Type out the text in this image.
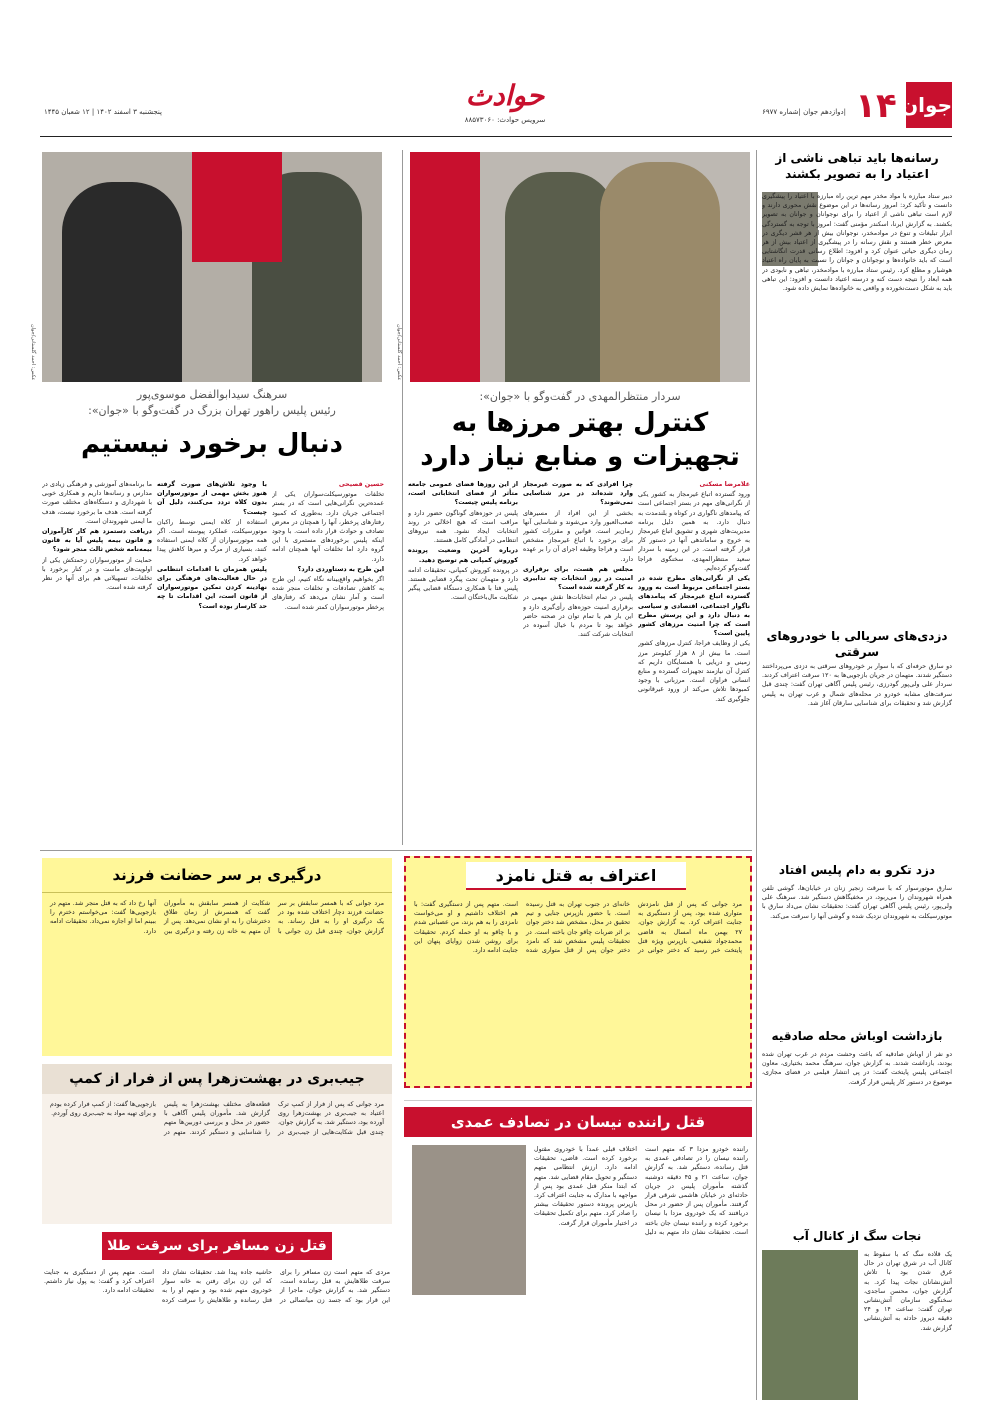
جوان
۱۴
|دوازدهم جوان |شماره ۶۹۷۷
حوادث
سرویس حوادث: ۸۸۵۷۳۰۶۰
پنجشنبه ۳ اسفند ۱۴۰۲ | ۱۲ شعبان ۱۴۴۵
رسانه‌ها باید تباهی ناشی از اعتیاد را به تصویر بکشند
دبیر ستاد مبارزه با مواد مخدر مهم ترین راه مبارزه با اعتیاد را پیشگیری دانست و تأکید کرد: امروز رسانه‌ها در این موضوع نقش محوری دارند و لازم است تباهی ناشی از اعتیاد را برای نوجوانان و جوانان به تصویر بکشند. به گزارش ایرنا، اسکندر مؤمنی گفت: امروز با توجه به گستردگی ابزار تبلیغات و تنوع در موادمخدر، نوجوانان بیش از هر قشر دیگری در معرض خطر هستند و نقش رسانه را در پیشگیری از اعتیاد بیش از هر زمان دیگری حیاتی عنوان کرد و افزود: اطلاع رسانی قدرت انگاشتایی است که باید خانواده‌ها و نوجوانان و جوانان را نسبت به پایان راه اعتیاد هوشیار و مطلع کرد. رئیس ستاد مبارزه با موادمخدر، تباهی و نابودی در همه ابعاد را نتیجه دست کنه و درسته اعتیاد دانست و افزود: این تباهی باید به شکل دست‌نخورده و واقعی به خانواده‌ها نمایش داده شود.
دزدی‌های سریالی با خودروهای سرقتی
دو سارق حرفه‌ای که با سوار بر خودروهای سرقتی به دزدی می‌پرداختند دستگیر شدند. متهمان در جریان بازجویی‌ها به ۱۲۰ سرقت اعتراف کردند. سردار علی ولی‌پور گودرزی، رئیس پلیس آگاهی تهران گفت: چندی قبل سرقت‌های مشابه خودرو در محله‌های شمال و غرب تهران به پلیس گزارش شد و تحقیقات برای شناسایی سارقان آغاز شد.
دزد تکرو به دام پلیس افتاد
سارق موتورسوار که با سرقت زنجیر زنان در خیابان‌ها، گوشی تلفن همراه شهروندان را می‌ربود، در مخفیگاهش دستگیر شد. سرهنگ علی ولی‌پور، رئیس پلیس آگاهی تهران گفت: تحقیقات نشان می‌داد سارق با موتورسیکلت به شهروندان نزدیک شده و گوشی آنها را سرقت می‌کند.
بازداشت اوباش محله صادقیه
دو نفر از اوباش صادقیه که باعث وحشت مردم در غرب تهران شده بودند، بازداشت شدند. به گزارش جوان، سرهنگ محمد بختیاری، معاون اجتماعی پلیس پایتخت گفت: در پی انتشار فیلمی در فضای مجازی، موضوع در دستور کار پلیس قرار گرفت.
نجات سگ از کانال آب
یک قلاده سگ که با سقوط به کانال آب در شرق تهران در حال غرق شدن بود با تلاش آتش‌نشانان نجات پیدا کرد. به گزارش جوان، محسن ساجدی، سخنگوی سازمان آتش‌نشانی تهران گفت: ساعت ۱۴ و ۲۴ دقیقه دیروز حادثه به آتش‌نشانی گزارش شد.
عکس: احمد گلستانی/جوان
سردار منتظرالمهدی در گفت‌وگو با «جوان»:
کنترل بهتر مرزها به تجهیزات و منابع نیاز دارد

غلامرضا مسکنی

ورود گسترده اتباع غیرمجاز به کشور یکی از نگرانی‌های مهم در بستر اجتماعی است که پیامدهای ناگواری در کوتاه و بلندمدت به دنبال دارد. به همین دلیل برنامه مدیریت‌های شهری و تشویق اتباع غیرمجاز به خروج و ساماندهی آنها در دستور کار قرار گرفته است. در این زمینه با سردار سعید منتظرالمهدی، سخنگوی فراجا گفت‌وگو کرده‌ایم.

یکی از نگرانی‌های مطرح شده در بستر اجتماعی مربوط است به ورود گسترده اتباع غیرمجاز که پیامدهای ناگوار اجتماعی، اقتصادی و سیاسی به دنبال دارد و این پرسش مطرح است که چرا امنیت مرزهای کشور پایین است؟

یکی از وظایف فراجا، کنترل مرزهای کشور است. ما بیش از ۸ هزار کیلومتر مرز زمینی و دریایی با همسایگان داریم که کنترل آن نیازمند تجهیزات گسترده و منابع انسانی فراوان است. مرزبانی با وجود کمبودها تلاش می‌کند از ورود غیرقانونی جلوگیری کند.

چرا افرادی که به صورت غیرمجاز وارد شده‌اند در مرز شناسایی نمی‌شوند؟

بخشی از این افراد از مسیرهای صعب‌العبور وارد می‌شوند و شناسایی آنها زمان‌بر است. قوانین و مقررات کشور برای برخورد با اتباع غیرمجاز مشخص است و فراجا وظیفه اجرای آن را بر عهده دارد.

مجلس هم هست، برای برقراری امنیت در روز انتخابات چه تدابیری به کار گرفته شده است؟

پلیس در تمام انتخابات‌ها نقش مهمی در برقراری امنیت حوزه‌های رأی‌گیری دارد و این بار هم با تمام توان در صحنه حاضر خواهد بود تا مردم با خیال آسوده در انتخابات شرکت کنند.

از این روزها فضای عمومی جامعه متأثر از فضای انتخاباتی است، برنامه پلیس چیست؟

پلیس در حوزه‌های گوناگون حضور دارد و مراقب است که هیچ اخلالی در روند انتخابات ایجاد نشود. همه نیروهای انتظامی در آمادگی کامل هستند.

درباره آخرین وضعیت پرونده کوروش کمپانی هم توضیح دهید.

در پرونده کوروش کمپانی، تحقیقات ادامه دارد و متهمان تحت پیگرد قضایی هستند. پلیس فتا با همکاری دستگاه قضایی پیگیر شکایت مال‌باختگان است.

عکس: احمد گلستانی/جوان
سرهنگ سیدابوالفضل موسوی‌پور
رئیس پلیس راهور تهران بزرگ در گفت‌وگو با «جوان»:
دنبال برخورد نیستیم

حسین قصیحی

تخلفات موتورسیکلت‌سواران یکی از عمده‌ترین نگرانی‌هایی است که در بستر اجتماعی جریان دارد. به‌طوری که کمبود رفتارهای پرخطر، آنها را همچنان در معرض تصادف و حوادث قرار داده است. با وجود اینکه پلیس برخوردهای مستمری با این گروه دارد اما تخلفات آنها همچنان ادامه دارد.

این طرح به دستاوردی دارد؟

اگر بخواهیم واقع‌بینانه نگاه کنیم، این طرح به کاهش تصادفات و تخلفات منجر شده است و آمار نشان می‌دهد که رفتارهای پرخطر موتورسواران کمتر شده است.

با وجود تلاش‌های صورت گرفته هنوز بخش مهمی از موتورسواران بدون کلاه تردد می‌کنند، دلیل آن چیست؟

استفاده از کلاه ایمنی توسط راکبان موتورسیکلت، عملکرد پیوسته است. اگر همه موتورسواران از کلاه ایمنی استفاده کنند، بسیاری از مرگ و میرها کاهش پیدا خواهد کرد.

پلیس همزمان با اقدامات انتظامی در حال فعالیت‌های فرهنگی برای نهادینه کردن تمکین موتورسواران از قانون است، این اقدامات تا چه حد کارساز بوده است؟

ما برنامه‌های آموزشی و فرهنگی زیادی در مدارس و رسانه‌ها داریم و همکاری خوبی با شهرداری و دستگاه‌های مختلف صورت گرفته است. هدف ما برخورد نیست، هدف ما ایمنی شهروندان است.

دریافت دستمزد هم کار کارآموزان و قانون بیمه پلیس آیا به قانون بیمه‌نامه شخص ثالث منجر شود؟

حمایت از موتورسواران زحمتکش یکی از اولویت‌های ماست و در کنار برخورد با تخلفات، تسهیلاتی هم برای آنها در نظر گرفته شده است.

درگیری بر سر حضانت فرزند
مرد جوانی که با همسر سابقش بر سر حضانت فرزند دچار اختلاف شده بود در یک درگیری او را به قتل رساند. به گزارش جوان، چندی قبل زن جوانی با شکایت از همسر سابقش به مأموران گفت که همسرش از زمان طلاق دخترشان را به او نشان نمی‌دهد. پس از آن متهم به خانه زن رفته و درگیری بین آنها رخ داد که به قتل منجر شد. متهم در بازجویی‌ها گفت: می‌خواستم دخترم را ببینم اما او اجازه نمی‌داد. تحقیقات ادامه دارد.
اعتراف به قتل نامزد
مرد جوانی که پس از قتل نامزدش متواری شده بود، پس از دستگیری به جنایت اعتراف کرد. به گزارش جوان، ۲۷ بهمن ماه امسال به قاضی محمدجواد شفیعی، بازپرس ویژه قتل پایتخت خبر رسید که دختر جوانی در خانه‌ای در جنوب تهران به قتل رسیده است. با حضور بازپرس جنایی و تیم تحقیق در محل، مشخص شد دختر جوان بر اثر ضربات چاقو جان باخته است. در تحقیقات پلیس مشخص شد که نامزد دختر جوان پس از قتل متواری شده است. متهم پس از دستگیری گفت: با هم اختلاف داشتیم و او می‌خواست نامزدی را به هم بزند، من عصبانی شدم و با چاقو به او حمله کردم. تحقیقات برای روشن شدن زوایای پنهان این جنایت ادامه دارد.
جیب‌بری در بهشت‌زهرا پس از فرار از کمپ
مرد جوانی که پس از فرار از کمپ ترک اعتیاد به جیب‌بری در بهشت‌زهرا روی آورده بود، دستگیر شد. به گزارش جوان، چندی قبل شکایت‌هایی از جیب‌بری در قطعه‌های مختلف بهشت‌زهرا به پلیس گزارش شد. مأموران پلیس آگاهی با حضور در محل و بررسی دوربین‌ها متهم را شناسایی و دستگیر کردند. متهم در بازجویی‌ها گفت: از کمپ فرار کرده بودم و برای تهیه مواد به جیب‌بری روی آوردم.
قتل زن مسافر برای سرقت طلا
مردی که متهم است زن مسافر را برای سرقت طلاهایش به قتل رسانده است، دستگیر شد. به گزارش جوان، ماجرا از این قرار بود که جسد زن میانسالی در حاشیه جاده پیدا شد. تحقیقات نشان داد که این زن برای رفتن به خانه سوار خودروی متهم شده بود و متهم او را به قتل رسانده و طلاهایش را سرقت کرده است. متهم پس از دستگیری به جنایت اعتراف کرد و گفت: به پول نیاز داشتم. تحقیقات ادامه دارد.
قتل راننده نیسان در تصادف عمدی
راننده خودرو مزدا ۳ که متهم است راننده نیسان را در تصادفی عمدی به قتل رسانده، دستگیر شد. به گزارش جوان، ساعت ۲۱ و ۴۵ دقیقه دوشنبه گذشته مأموران پلیس در جریان حادثه‌ای در خیابان هاشمی شرقی قرار گرفتند. مأموران پس از حضور در محل دریافتند که یک خودروی مزدا با نیسان برخورد کرده و راننده نیسان جان باخته است. تحقیقات نشان داد متهم به دلیل اختلاف قبلی عمداً با خودروی مقتول برخورد کرده است. قاضی، تحقیقات ادامه دارد. ارزش انتظامی متهم دستگیر و تحویل مقام قضایی شد. متهم که ابتدا منکر قتل عمدی بود پس از مواجهه با مدارک به جنایت اعتراف کرد. بازپرس پرونده دستور تحقیقات بیشتر را صادر کرد. متهم برای تکمیل تحقیقات در اختیار مأموران قرار گرفت.
